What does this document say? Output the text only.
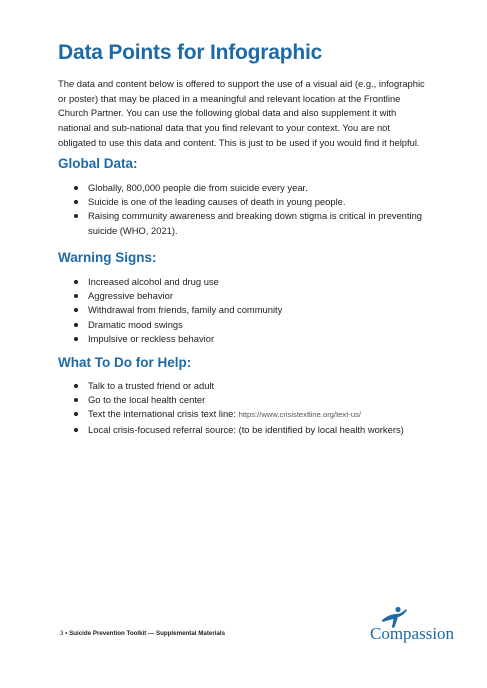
Data Points for Infographic
The data and content below is offered to support the use of a visual aid (e.g., infographic or poster) that may be placed in a meaningful and relevant location at the Frontline Church Partner. You can use the following global data and also supplement it with national and sub-national data that you find relevant to your context. You are not obligated to use this data and content. This is just to be used if you would find it helpful.
Global Data:
Globally, 800,000 people die from suicide every year.
Suicide is one of the leading causes of death in young people.
Raising community awareness and breaking down stigma is critical in preventing suicide (WHO, 2021).
Warning Signs:
Increased alcohol and drug use
Aggressive behavior
Withdrawal from friends, family and community
Dramatic mood swings
Impulsive or reckless behavior
What To Do for Help:
Talk to a trusted friend or adult
Go to the local health center
Text the international crisis text line: https://www.crisistextline.org/text-us/
Local crisis-focused referral source: (to be identified by local health workers)
3 • Suicide Prevention Toolkit — Supplemental Materials	Compassion
